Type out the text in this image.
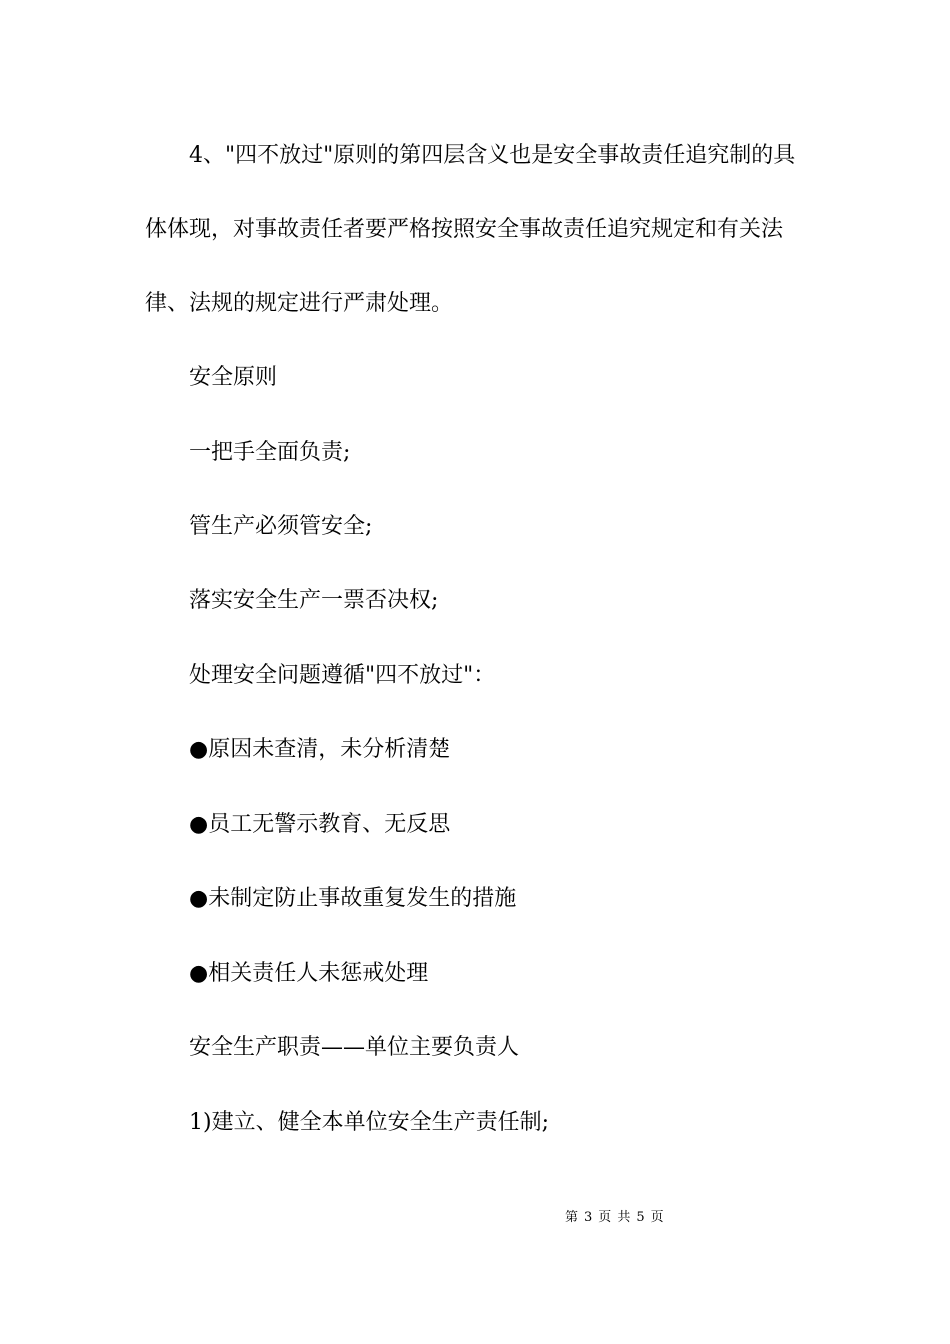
4、"四不放过"原则的第四层含义也是安全事故责任追究制的具
体体现，对事故责任者要严格按照安全事故责任追究规定和有关法
律、法规的规定进行严肃处理。
安全原则
一把手全面负责;
管生产必须管安全;
落实安全生产一票否决权;
处理安全问题遵循"四不放过"：
●原因未查清，未分析清楚
●员工无警示教育、无反思
●未制定防止事故重复发生的措施
●相关责任人未惩戒处理
安全生产职责——单位主要负责人
1)建立、健全本单位安全生产责任制;
第 3 页 共 5 页
